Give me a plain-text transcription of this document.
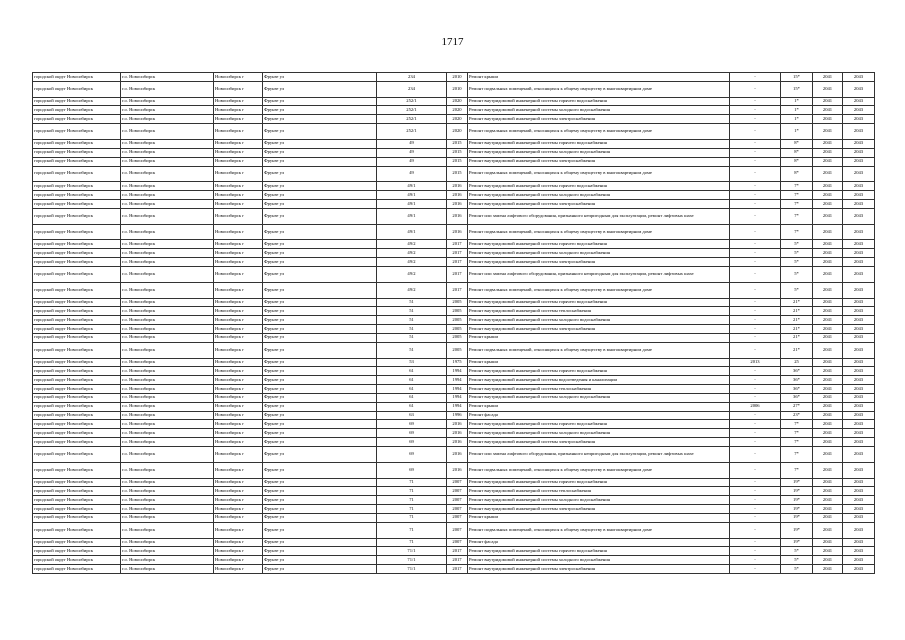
1717
городской округ Новосибирск	г.о. Новосибирск	Новосибирск г	Фрунзе ул	234	2010	Ремонт крыши	-	15*	2041	2043
городской округ Новосибирск	г.о. Новосибирск	Новосибирск г	Фрунзе ул	234	2010	Ремонт подвальных помещений, относящихся к общему имуществу в многоквартирном доме	-	15*	2041	2043
городской округ Новосибирск	г.о. Новосибирск	Новосибирск г	Фрунзе ул	252/1	2020	Ремонт внутридомовой инженерной системы горячего водоснабжения	-	1*	2041	2043
городской округ Новосибирск	г.о. Новосибирск	Новосибирск г	Фрунзе ул	252/1	2020	Ремонт внутридомовой инженерной системы холодного водоснабжения	-	1*	2041	2043
городской округ Новосибирск	г.о. Новосибирск	Новосибирск г	Фрунзе ул	252/1	2020	Ремонт внутридомовой инженерной системы электроснабжения	-	1*	2041	2043
городской округ Новосибирск	г.о. Новосибирск	Новосибирск г	Фрунзе ул	252/1	2020	Ремонт подвальных помещений, относящихся к общему имуществу в многоквартирном доме	-	1*	2041	2043
городской округ Новосибирск	г.о. Новосибирск	Новосибирск г	Фрунзе ул	49	2015	Ремонт внутридомовой инженерной системы горячего водоснабжения	-	8*	2041	2043
городской округ Новосибирск	г.о. Новосибирск	Новосибирск г	Фрунзе ул	49	2015	Ремонт внутридомовой инженерной системы холодного водоснабжения	-	8*	2041	2043
городской округ Новосибирск	г.о. Новосибирск	Новосибирск г	Фрунзе ул	49	2015	Ремонт внутридомовой инженерной системы электроснабжения	-	8*	2041	2043
городской округ Новосибирск	г.о. Новосибирск	Новосибирск г	Фрунзе ул	49	2015	Ремонт подвальных помещений, относящихся к общему имуществу в многоквартирном доме	-	8*	2041	2043
городской округ Новосибирск	г.о. Новосибирск	Новосибирск г	Фрунзе ул	49/1	2016	Ремонт внутридомовой инженерной системы горячего водоснабжения	-	7*	2041	2043
городской округ Новосибирск	г.о. Новосибирск	Новосибирск г	Фрунзе ул	49/1	2016	Ремонт внутридомовой инженерной системы холодного водоснабжения	-	7*	2041	2043
городской округ Новосибирск	г.о. Новосибирск	Новосибирск г	Фрунзе ул	49/1	2016	Ремонт внутридомовой инженерной системы электроснабжения	-	7*	2041	2043
городской округ Новосибирск	г.о. Новосибирск	Новосибирск г	Фрунзе ул	49/1	2016	Ремонт или замена лифтового оборудования, признанного непригодным для эксплуатации, ремонт лифтовых шахт	-	7*	2041	2043
городской округ Новосибирск	г.о. Новосибирск	Новосибирск г	Фрунзе ул	49/1	2016	Ремонт подвальных помещений, относящихся к общему имуществу в многоквартирном доме	-	7*	2041	2043
городской округ Новосибирск	г.о. Новосибирск	Новосибирск г	Фрунзе ул	49/2	2017	Ремонт внутридомовой инженерной системы горячего водоснабжения	-	5*	2041	2043
городской округ Новосибирск	г.о. Новосибирск	Новосибирск г	Фрунзе ул	49/2	2017	Ремонт внутридомовой инженерной системы холодного водоснабжения	-	5*	2041	2043
городской округ Новосибирск	г.о. Новосибирск	Новосибирск г	Фрунзе ул	49/2	2017	Ремонт внутридомовой инженерной системы электроснабжения	-	5*	2041	2043
городской округ Новосибирск	г.о. Новосибирск	Новосибирск г	Фрунзе ул	49/2	2017	Ремонт или замена лифтового оборудования, признанного непригодным для эксплуатации, ремонт лифтовых шахт	-	5*	2041	2043
городской округ Новосибирск	г.о. Новосибирск	Новосибирск г	Фрунзе ул	49/2	2017	Ремонт подвальных помещений, относящихся к общему имуществу в многоквартирном доме	-	5*	2041	2043
городской округ Новосибирск	г.о. Новосибирск	Новосибирск г	Фрунзе ул	51	2005	Ремонт внутридомовой инженерной системы горячего водоснабжения	-	21*	2041	2043
городской округ Новосибирск	г.о. Новосибирск	Новосибирск г	Фрунзе ул	51	2005	Ремонт внутридомовой инженерной системы теплоснабжения	-	21*	2041	2043
городской округ Новосибирск	г.о. Новосибирск	Новосибирск г	Фрунзе ул	51	2005	Ремонт внутридомовой инженерной системы холодного водоснабжения	-	21*	2041	2043
городской округ Новосибирск	г.о. Новосибирск	Новосибирск г	Фрунзе ул	51	2005	Ремонт внутридомовой инженерной системы электроснабжения	-	21*	2041	2043
городской округ Новосибирск	г.о. Новосибирск	Новосибирск г	Фрунзе ул	51	2005	Ремонт крыши	-	21*	2041	2043
городской округ Новосибирск	г.о. Новосибирск	Новосибирск г	Фрунзе ул	51	2005	Ремонт подвальных помещений, относящихся к общему имуществу в многоквартирном доме	-	21*	2041	2043
городской округ Новосибирск	г.о. Новосибирск	Новосибирск г	Фрунзе ул	53	1975	Ремонт крыши	2013	25	2041	2043
городской округ Новосибирск	г.о. Новосибирск	Новосибирск г	Фрунзе ул	61	1994	Ремонт внутридомовой инженерной системы горячего водоснабжения	-	36*	2041	2043
городской округ Новосибирск	г.о. Новосибирск	Новосибирск г	Фрунзе ул	61	1994	Ремонт внутридомовой инженерной системы водоотведения и канализации	-	36*	2041	2043
городской округ Новосибирск	г.о. Новосибирск	Новосибирск г	Фрунзе ул	61	1994	Ремонт внутридомовой инженерной системы теплоснабжения	-	36*	2041	2043
городской округ Новосибирск	г.о. Новосибирск	Новосибирск г	Фрунзе ул	61	1994	Ремонт внутридомовой инженерной системы холодного водоснабжения	-	36*	2041	2043
городской округ Новосибирск	г.о. Новосибирск	Новосибирск г	Фрунзе ул	61	1994	Ремонт крыши	2006	27*	2041	2043
городской округ Новосибирск	г.о. Новосибирск	Новосибирск г	Фрунзе ул	63	1996	Ремонт фасада	-	23*	2041	2043
городской округ Новосибирск	г.о. Новосибирск	Новосибирск г	Фрунзе ул	69	2016	Ремонт внутридомовой инженерной системы горячего водоснабжения	-	7*	2041	2043
городской округ Новосибирск	г.о. Новосибирск	Новосибирск г	Фрунзе ул	69	2016	Ремонт внутридомовой инженерной системы холодного водоснабжения	-	7*	2041	2043
городской округ Новосибирск	г.о. Новосибирск	Новосибирск г	Фрунзе ул	69	2016	Ремонт внутридомовой инженерной системы электроснабжения	-	7*	2041	2043
городской округ Новосибирск	г.о. Новосибирск	Новосибирск г	Фрунзе ул	69	2016	Ремонт или замена лифтового оборудования, признанного непригодным для эксплуатации, ремонт лифтовых шахт	-	7*	2041	2043
городской округ Новосибирск	г.о. Новосибирск	Новосибирск г	Фрунзе ул	69	2016	Ремонт подвальных помещений, относящихся к общему имуществу в многоквартирном доме	-	7*	2041	2043
городской округ Новосибирск	г.о. Новосибирск	Новосибирск г	Фрунзе ул	71	2007	Ремонт внутридомовой инженерной системы горячего водоснабжения	-	19*	2041	2043
городской округ Новосибирск	г.о. Новосибирск	Новосибирск г	Фрунзе ул	71	2007	Ремонт внутридомовой инженерной системы теплоснабжения	-	19*	2041	2043
городской округ Новосибирск	г.о. Новосибирск	Новосибирск г	Фрунзе ул	71	2007	Ремонт внутридомовой инженерной системы холодного водоснабжения	-	19*	2041	2043
городской округ Новосибирск	г.о. Новосибирск	Новосибирск г	Фрунзе ул	71	2007	Ремонт внутридомовой инженерной системы электроснабжения	-	19*	2041	2043
городской округ Новосибирск	г.о. Новосибирск	Новосибирск г	Фрунзе ул	71	2007	Ремонт крыши	-	19*	2041	2043
городской округ Новосибирск	г.о. Новосибирск	Новосибирск г	Фрунзе ул	71	2007	Ремонт подвальных помещений, относящихся к общему имуществу в многоквартирном доме	-	19*	2041	2043
городской округ Новосибирск	г.о. Новосибирск	Новосибирск г	Фрунзе ул	71	2007	Ремонт фасада	-	19*	2041	2043
городской округ Новосибирск	г.о. Новосибирск	Новосибирск г	Фрунзе ул	71/1	2017	Ремонт внутридомовой инженерной системы горячего водоснабжения	-	5*	2041	2043
городской округ Новосибирск	г.о. Новосибирск	Новосибирск г	Фрунзе ул	71/1	2017	Ремонт внутридомовой инженерной системы холодного водоснабжения	-	5*	2041	2043
городской округ Новосибирск	г.о. Новосибирск	Новосибирск г	Фрунзе ул	71/1	2017	Ремонт внутридомовой инженерной системы электроснабжения	-	5*	2041	2043
